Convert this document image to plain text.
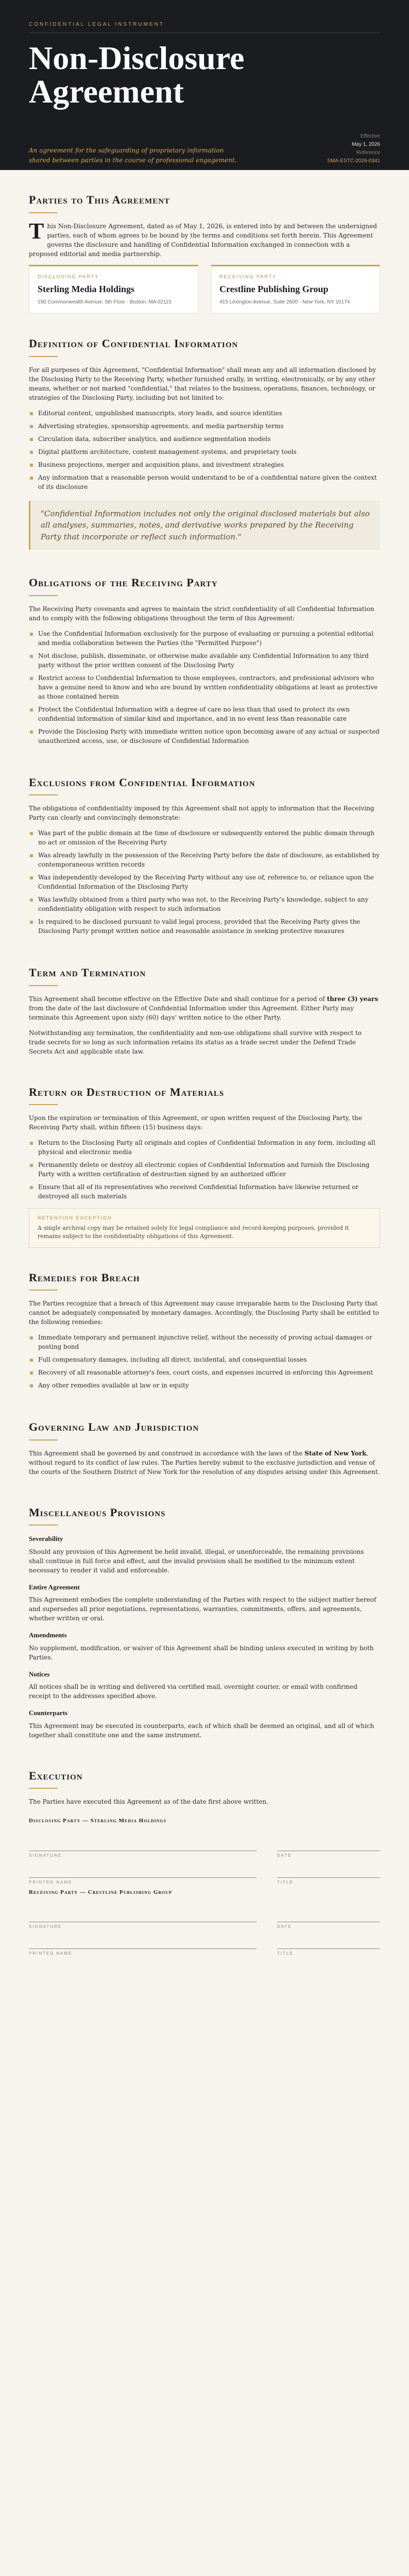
CONFIDENTIAL LEGAL INSTRUMENT
Non-Disclosure Agreement
An agreement for the safeguarding of proprietary information shared between parties in the course of professional engagement.
Effective
May 1, 2026
Reference
SMA-ESTC-2026-0341
Parties to This Agreement

This Non-Disclosure Agreement, dated as of May 1, 2026, is entered into by and between the undersigned parties, each of whom agrees to be bound by the terms and conditions set forth herein. This Agreement governs the disclosure and handling of Confidential Information exchanged in connection with a proposed editorial and media partnership.

DISCLOSING PARTY
Sterling Media Holdings
190 Commonwealth Avenue, 5th Floor · Boston, MA 02115
RECEIVING PARTY
Crestline Publishing Group
415 Lexington Avenue, Suite 2600 · New York, NY 10174
Definition of Confidential Information

For all purposes of this Agreement, "Confidential Information" shall mean any and all information disclosed by the Disclosing Party to the Receiving Party, whether furnished orally, in writing, electronically, or by any other means, whether or not marked "confidential," that relates to the business, operations, finances, technology, or strategies of the Disclosing Party, including but not limited to:

Editorial content, unpublished manuscripts, story leads, and source identities
Advertising strategies, sponsorship agreements, and media partnership terms
Circulation data, subscriber analytics, and audience segmentation models
Digital platform architecture, content management systems, and proprietary tools
Business projections, merger and acquisition plans, and investment strategies
Any information that a reasonable person would understand to be of a confidential nature given the context of its disclosure
"Confidential Information includes not only the original disclosed materials but also all analyses, summaries, notes, and derivative works prepared by the Receiving Party that incorporate or reflect such information."
Obligations of the Receiving Party

The Receiving Party covenants and agrees to maintain the strict confidentiality of all Confidential Information and to comply with the following obligations throughout the term of this Agreement:

Use the Confidential Information exclusively for the purpose of evaluating or pursuing a potential editorial and media collaboration between the Parties (the "Permitted Purpose")
Not disclose, publish, disseminate, or otherwise make available any Confidential Information to any third party without the prior written consent of the Disclosing Party
Restrict access to Confidential Information to those employees, contractors, and professional advisors who have a genuine need to know and who are bound by written confidentiality obligations at least as protective as those contained herein
Protect the Confidential Information with a degree of care no less than that used to protect its own confidential information of similar kind and importance, and in no event less than reasonable care
Provide the Disclosing Party with immediate written notice upon becoming aware of any actual or suspected unauthorized access, use, or disclosure of Confidential Information
Exclusions from Confidential Information

The obligations of confidentiality imposed by this Agreement shall not apply to information that the Receiving Party can clearly and convincingly demonstrate:

Was part of the public domain at the time of disclosure or subsequently entered the public domain through no act or omission of the Receiving Party
Was already lawfully in the possession of the Receiving Party before the date of disclosure, as established by contemporaneous written records
Was independently developed by the Receiving Party without any use of, reference to, or reliance upon the Confidential Information of the Disclosing Party
Was lawfully obtained from a third party who was not, to the Receiving Party's knowledge, subject to any confidentiality obligation with respect to such information
Is required to be disclosed pursuant to valid legal process, provided that the Receiving Party gives the Disclosing Party prompt written notice and reasonable assistance in seeking protective measures
Term and Termination

This Agreement shall become effective on the Effective Date and shall continue for a period of three (3) years from the date of the last disclosure of Confidential Information under this Agreement. Either Party may terminate this Agreement upon sixty (60) days' written notice to the other Party.

Notwithstanding any termination, the confidentiality and non-use obligations shall survive with respect to trade secrets for so long as such information retains its status as a trade secret under the Defend Trade Secrets Act and applicable state law.

Return or Destruction of Materials

Upon the expiration or termination of this Agreement, or upon written request of the Disclosing Party, the Receiving Party shall, within fifteen (15) business days:

Return to the Disclosing Party all originals and copies of Confidential Information in any form, including all physical and electronic media
Permanently delete or destroy all electronic copies of Confidential Information and furnish the Disclosing Party with a written certification of destruction signed by an authorized officer
Ensure that all of its representatives who received Confidential Information have likewise returned or destroyed all such materials
RETENTION EXCEPTION
A single archival copy may be retained solely for legal compliance and record-keeping purposes, provided it remains subject to the confidentiality obligations of this Agreement.
Remedies for Breach

The Parties recognize that a breach of this Agreement may cause irreparable harm to the Disclosing Party that cannot be adequately compensated by monetary damages. Accordingly, the Disclosing Party shall be entitled to the following remedies:

Immediate temporary and permanent injunctive relief, without the necessity of proving actual damages or posting bond
Full compensatory damages, including all direct, incidental, and consequential losses
Recovery of all reasonable attorney's fees, court costs, and expenses incurred in enforcing this Agreement
Any other remedies available at law or in equity
Governing Law and Jurisdiction

This Agreement shall be governed by and construed in accordance with the laws of the State of New York, without regard to its conflict of law rules. The Parties hereby submit to the exclusive jurisdiction and venue of the courts of the Southern District of New York for the resolution of any disputes arising under this Agreement.

Miscellaneous Provisions
Severability

Should any provision of this Agreement be held invalid, illegal, or unenforceable, the remaining provisions shall continue in full force and effect, and the invalid provision shall be modified to the minimum extent necessary to render it valid and enforceable.

Entire Agreement

This Agreement embodies the complete understanding of the Parties with respect to the subject matter hereof and supersedes all prior negotiations, representations, warranties, commitments, offers, and agreements, whether written or oral.

Amendments

No supplement, modification, or waiver of this Agreement shall be binding unless executed in writing by both Parties.

Notices

All notices shall be in writing and delivered via certified mail, overnight courier, or email with confirmed receipt to the addresses specified above.

Counterparts

This Agreement may be executed in counterparts, each of which shall be deemed an original, and all of which together shall constitute one and the same instrument.

Execution

The Parties have executed this Agreement as of the date first above written.

Disclosing Party — Sterling Media Holdings
SIGNATURE	DATE
PRINTED NAME	TITLE
Receiving Party — Crestline Publishing Group
SIGNATURE	DATE
PRINTED NAME	TITLE
